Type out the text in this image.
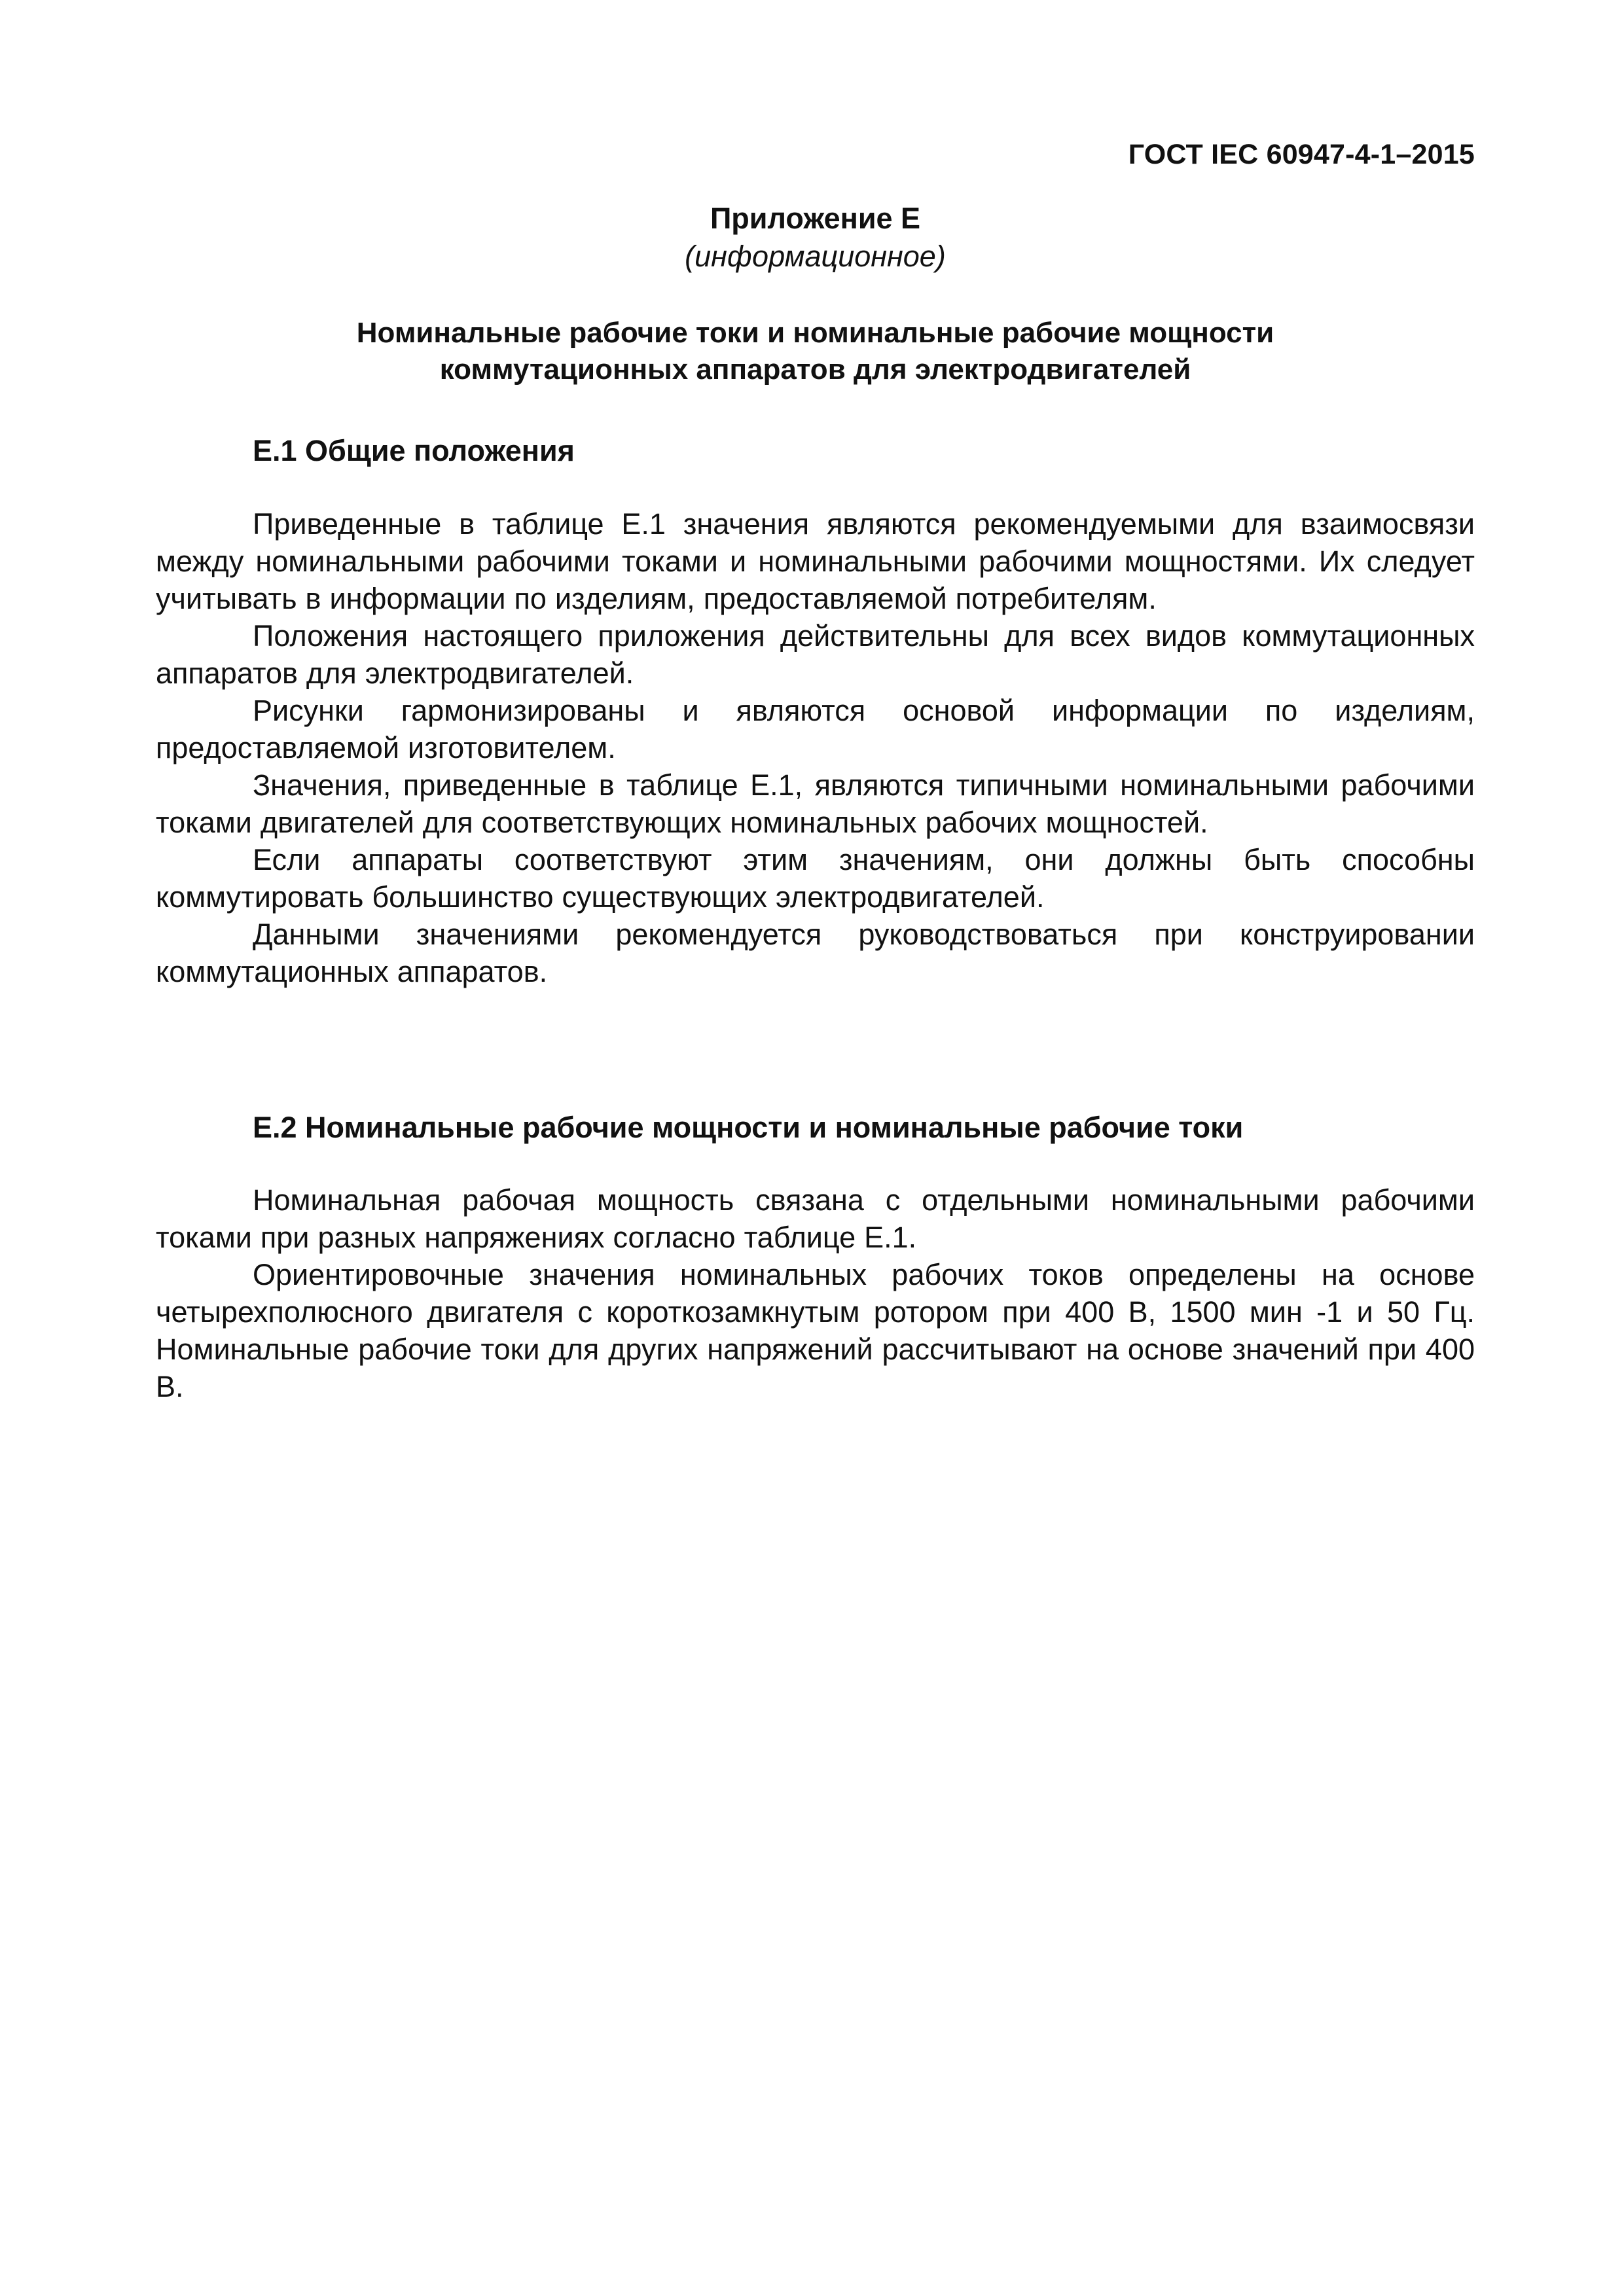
ГОСТ IEC 60947-4-1–2015
Приложение Е
(информационное)
Номинальные рабочие токи и номинальные рабочие мощности
коммутационных аппаратов для электродвигателей
Е.1 Общие положения

Приведенные в таблице Е.1 значения являются рекомендуемыми для взаимосвязи между номинальными рабочими токами и номинальными рабочими мощностями. Их следует учитывать в информации по изделиям, предоставляемой потребителям.

Положения настоящего приложения действительны для всех видов коммутационных аппаратов для электродвигателей.

Рисунки гармонизированы и являются основой информации по изделиям, предоставляемой изготовителем.

Значения, приведенные в таблице Е.1, являются типичными номинальными рабочими токами двигателей для соответствующих номинальных рабочих мощностей.

Если аппараты соответствуют этим значениям, они должны быть способны коммутировать большинство существующих электродвигателей.

Данными значениями рекомендуется руководствоваться при конструировании коммутационных аппаратов.

Е.2 Номинальные рабочие мощности и номинальные рабочие токи

Номинальная рабочая мощность связана с отдельными номинальными рабочими токами при разных напряжениях согласно таблице Е.1.

Ориентировочные значения номинальных рабочих токов определены на основе четырехполюсного двигателя с короткозамкнутым ротором при 400 В, 1500 мин -1 и 50 Гц. Номинальные рабочие токи для других напряжений рассчитывают на основе значений при 400 В.
